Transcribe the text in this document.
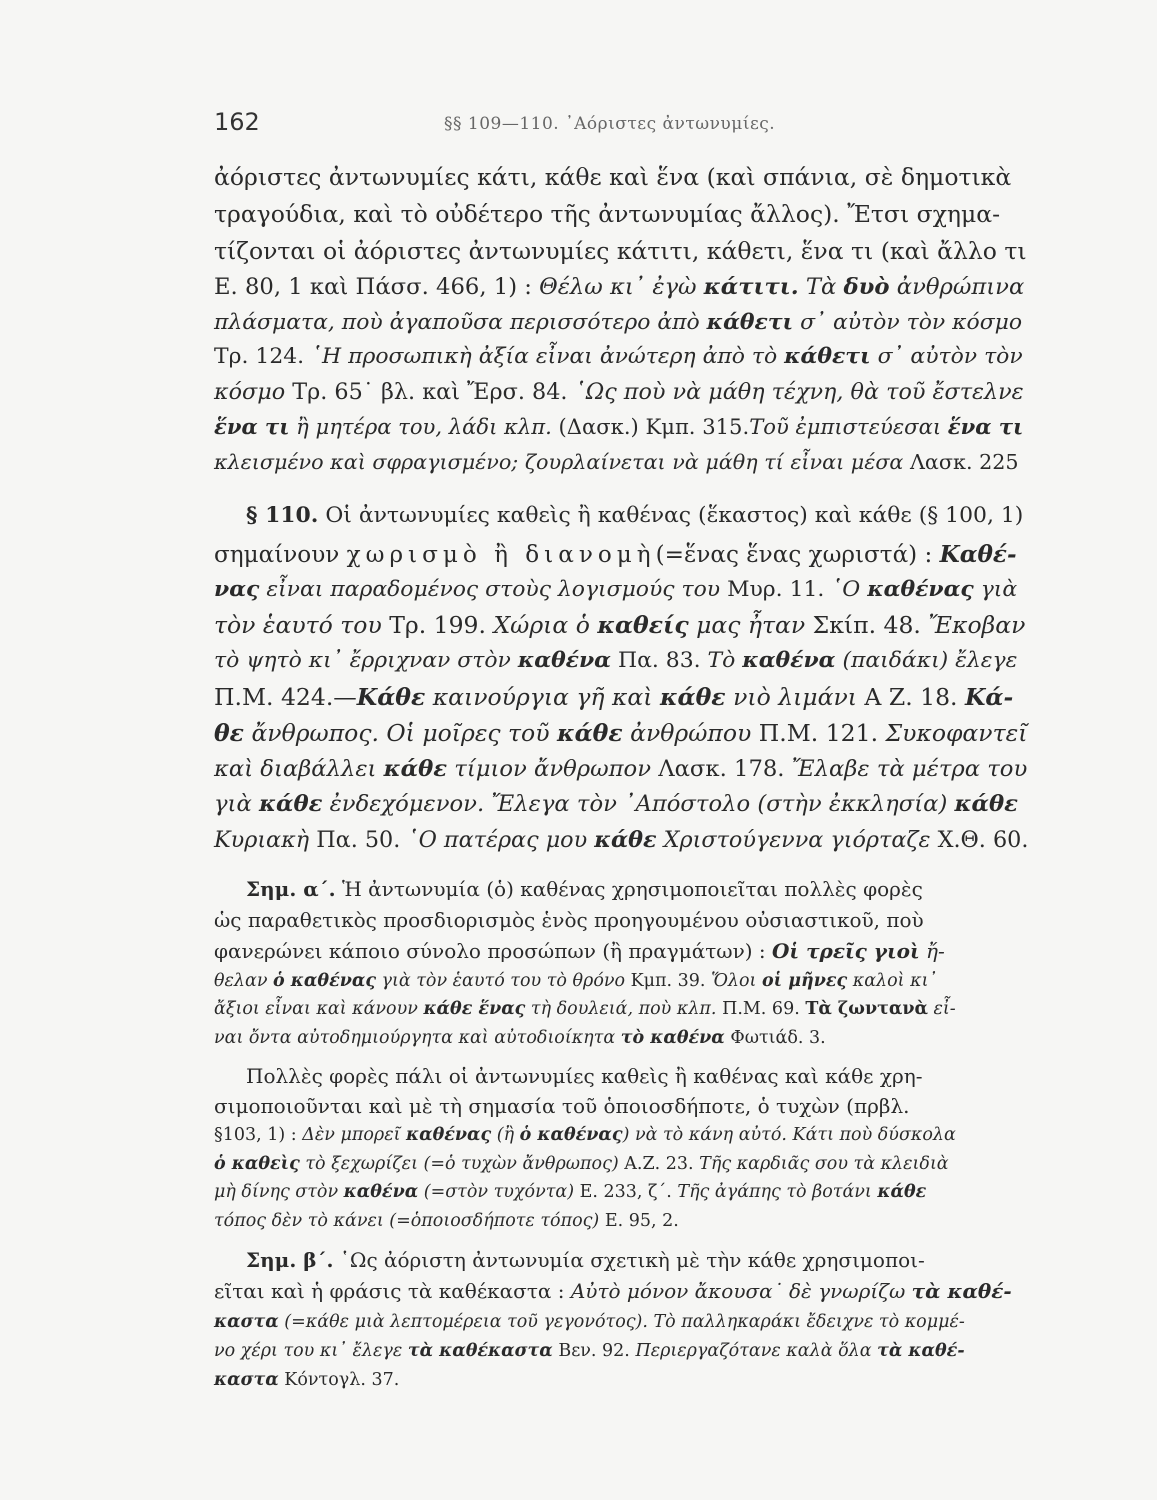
162	§§ 109—110. ᾿Αόριστες ἀντωνυμίες.
ἀόριστες ἀντωνυμίες κάτι, κάθε καὶ ἕνα (καὶ σπάνια, σὲ δημοτικὰ
τραγούδια, καὶ τὸ οὐδέτερο τῆς ἀντωνυμίας ἄλλος). Ἔτσι σχημα-
τίζονται οἱ ἀόριστες ἀντωνυμίες κάτιτι, κάθετι, ἕνα τι (καὶ ἄλλο τι
Ε. 80, 1 καὶ Πάσσ. 466, 1) : Θέλω κι᾿ ἐγὼ κάτιτι. Τὰ δυὸ ἀνθρώπινα
πλάσματα, ποὺ ἀγαποῦσα περισσότερο ἀπὸ κάθετι σ᾿ αὐτὸν τὸν κόσμο
Τρ. 124. ῾Η προσωπικὴ ἀξία εἶναι ἀνώτερη ἀπὸ τὸ κάθετι σ᾿ αὐτὸν τὸν
κόσμο Τρ. 65˙ βλ. καὶ Ἔρσ. 84. ῾Ως ποὺ νὰ μάθη τέχνη, θὰ τοῦ ἔστελνε
ἕνα τι ἢ μητέρα του, λάδι κλπ. (Δασκ.) Κμπ. 315.Τοῦ ἐμπιστεύεσαι ἕνα τι
κλεισμένο καὶ σφραγισμένο; ζουρλαίνεται νὰ μάθη τί εἶναι μέσα Λασκ. 225
§ 110. Οἱ ἀντωνυμίες καθεὶς ἢ καθένας (ἕκαστος) καὶ κάθε (§ 100, 1)
σημαίνουν χωρισμὸ ἢ διανομὴ(=ἕνας ἕνας χωριστά) : Καθέ-
νας εἶναι παραδομένος στοὺς λογισμούς του Μυρ. 11. ῾Ο καθένας γιὰ
τὸν ἑαυτό του Τρ. 199. Χώρια ὁ καθείς μας ἦταν Σκίπ. 48. Ἔκοβαν
τὸ ψητὸ κι᾿ ἔρριχναν στὸν καθένα Πα. 83. Τὸ καθένα (παιδάκι) ἔλεγε
Π.Μ. 424.—Κάθε καινούργια γῆ καὶ κάθε νιὸ λιμάνι Α Ζ. 18. Κά-
θε ἄνθρωπος. Οἱ μοῖρες τοῦ κάθε ἀνθρώπου Π.Μ. 121. Συκοφαντεῖ
καὶ διαβάλλει κάθε τίμιον ἄνθρωπον Λασκ. 178. Ἔλαβε τὰ μέτρα του
γιὰ κάθε ἐνδεχόμενον. Ἔλεγα τὸν ᾿Απόστολο (στὴν ἐκκλησία) κάθε
Κυριακὴ Πα. 50. ῾Ο πατέρας μου κάθε Χριστούγεννα γιόρταζε Χ.Θ. 60.
Σημ. α΄. Ἡ ἀντωνυμία (ὁ) καθένας χρησιμοποιεῖται πολλὲς φορὲς
ὡς παραθετικὸς προσδιορισμὸς ἑνὸς προηγουμένου οὐσιαστικοῦ, ποὺ
φανερώνει κάποιο σύνολο προσώπων (ἢ πραγμάτων) : Οἱ τρεῖς γιοὶ ἤ-
θελαν ὁ καθένας γιὰ τὸν ἑαυτό του τὸ θρόνο Κμπ. 39. Ὅλοι οἱ μῆνες καλοὶ κι᾿
ἄξιοι εἶναι καὶ κάνουν κάθε ἕνας τὴ δουλειά, ποὺ κλπ. Π.Μ. 69. Τὰ ζωντανὰ εἶ-
ναι ὄντα αὐτοδημιούργητα καὶ αὐτοδιοίκητα τὸ καθένα Φωτιάδ. 3.
Πολλὲς φορὲς πάλι οἱ ἀντωνυμίες καθεὶς ἢ καθένας καὶ κάθε χρη-
σιμοποιοῦνται καὶ μὲ τὴ σημασία τοῦ ὁποιοσδήποτε, ὁ τυχὼν (πρβλ.
§103, 1) : Δὲν μπορεῖ καθένας (ἢ ὁ καθένας) νὰ τὸ κάνη αὐτό. Κάτι ποὺ δύσκολα
ὁ καθεὶς τὸ ξεχωρίζει (=ὁ τυχὼν ἄνθρωπος) Α.Ζ. 23. Τῆς καρδιᾶς σου τὰ κλειδιὰ
μὴ δίνης στὸν καθένα (=στὸν τυχόντα) Ε. 233, ζ΄. Τῆς ἀγάπης τὸ βοτάνι κάθε
τόπος δὲν τὸ κάνει (=ὁποιοσδήποτε τόπος) Ε. 95, 2.
Σημ. β΄. ῾Ως ἀόριστη ἀντωνυμία σχετικὴ μὲ τὴν κάθε χρησιμοποι-
εῖται καὶ ἡ φράσις τὰ καθέκαστα : Αὐτὸ μόνον ἄκουσα˙ δὲ γνωρίζω τὰ καθέ-
καστα (=κάθε μιὰ λεπτομέρεια τοῦ γεγονότος). Τὸ παλληκαράκι ἔδειχνε τὸ κομμέ-
νο χέρι του κι᾿ ἔλεγε τὰ καθέκαστα Βεν. 92. Περιεργαζότανε καλὰ ὅλα τὰ καθέ-
καστα Κόντογλ. 37.
